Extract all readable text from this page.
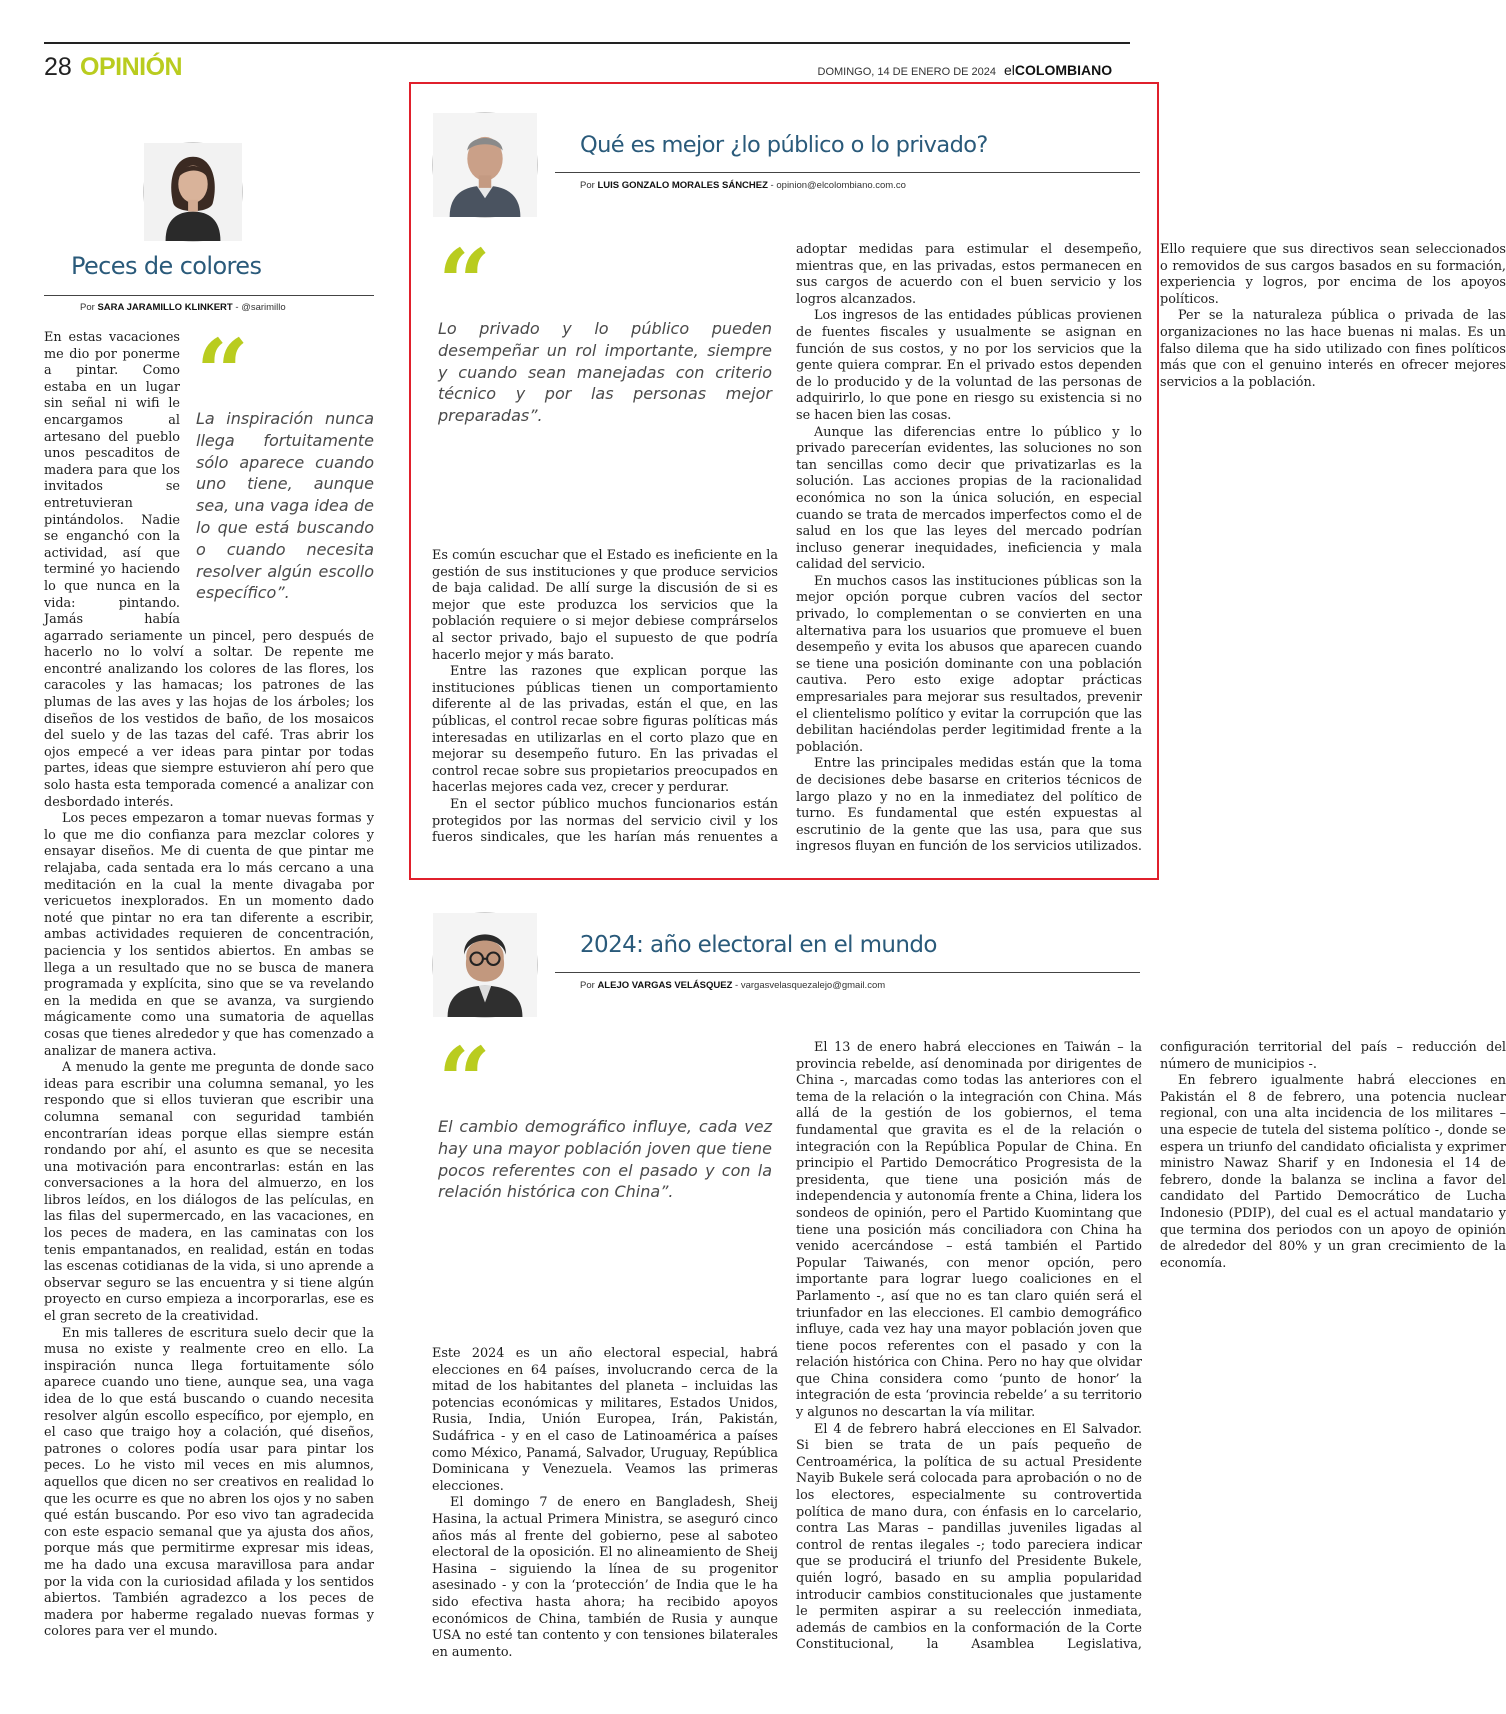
28 OPINIÓN	DOMINGO, 14 DE ENERO DE 2024 elCOLOMBIANO
Peces de colores
Por SARA JARAMILLO KLINKERT - @sarimillo
“
La inspiración nunca llega fortuitamente sólo aparece cuando uno tiene, aunque sea, una vaga idea de lo que está buscando o cuando necesita resolver algún escollo específico”.

En estas vacaciones me dio por ponerme a pintar. Como estaba en un lugar sin señal ni wifi le encargamos al artesano del pueblo unos pescaditos de madera para que los invitados se entretuvieran pintándolos. Nadie se enganchó con la actividad, así que terminé yo haciendo lo que nunca en la vida: pintando. Jamás había agarrado seriamente un pincel, pero después de hacerlo no lo volví a soltar. De repente me encontré analizando los colores de las flores, los caracoles y las hamacas; los patrones de las plumas de las aves y las hojas de los árboles; los diseños de los vestidos de baño, de los mosaicos del suelo y de las tazas del café. Tras abrir los ojos empecé a ver ideas para pintar por todas partes, ideas que siempre estuvieron ahí pero que solo hasta esta temporada comencé a analizar con desbordado interés.

Los peces empezaron a tomar nuevas formas y lo que me dio confianza para mezclar colores y ensayar diseños. Me di cuenta de que pintar me relajaba, cada sentada era lo más cercano a una meditación en la cual la mente divagaba por vericuetos inexplorados. En un momento dado noté que pintar no era tan diferente a escribir, ambas actividades requieren de concentración, paciencia y los sentidos abiertos. En ambas se llega a un resultado que no se busca de manera programada y explícita, sino que se va revelando en la medida en que se avanza, va surgiendo mágicamente como una sumatoria de aquellas cosas que tienes alrededor y que has comenzado a analizar de manera activa.

A menudo la gente me pregunta de donde saco ideas para escribir una columna semanal, yo les respondo que si ellos tuvieran que escribir una columna semanal con seguridad también encontrarían ideas porque ellas siempre están rondando por ahí, el asunto es que se necesita una motivación para encontrarlas: están en las conversaciones a la hora del almuerzo, en los libros leídos, en los diálogos de las películas, en las filas del supermercado, en las vacaciones, en los peces de madera, en las caminatas con los tenis empantanados, en realidad, están en todas las escenas cotidianas de la vida, si uno aprende a observar seguro se las encuentra y si tiene algún proyecto en curso empieza a incorporarlas, ese es el gran secreto de la creatividad.

En mis talleres de escritura suelo decir que la musa no existe y realmente creo en ello. La inspiración nunca llega fortuitamente sólo aparece cuando uno tiene, aunque sea, una vaga idea de lo que está buscando o cuando necesita resolver algún escollo específico, por ejemplo, en el caso que traigo hoy a colación, qué diseños, patrones o colores podía usar para pintar los peces. Lo he visto mil veces en mis alumnos, aquellos que dicen no ser creativos en realidad lo que les ocurre es que no abren los ojos y no saben qué están buscando. Por eso vivo tan agradecida con este espacio semanal que ya ajusta dos años, porque más que permitirme expresar mis ideas, me ha dado una excusa maravillosa para andar por la vida con la curiosidad afilada y los sentidos abiertos. También agradezco a los peces de madera por haberme regalado nuevas formas y colores para ver el mundo.

Qué es mejor ¿lo público o lo privado?
Por LUIS GONZALO MORALES SÁNCHEZ - opinion@elcolombiano.com.co
“
Lo privado y lo público pueden desempeñar un rol importante, siempre y cuando sean manejadas con criterio técnico y por las personas mejor preparadas”.

Es común escuchar que el Estado es ineficiente en la gestión de sus instituciones y que produce servicios de baja calidad. De allí surge la discusión de si es mejor que este produzca los servicios que la población requiere o si mejor debiese comprárselos al sector privado, bajo el supuesto de que podría hacerlo mejor y más barato.

Entre las razones que explican porque las instituciones públicas tienen un comportamiento diferente al de las privadas, están el que, en las públicas, el control recae sobre figuras políticas más interesadas en utilizarlas en el corto plazo que en mejorar su desempeño futuro. En las privadas el control recae sobre sus propietarios preocupados en hacerlas mejores cada vez, crecer y perdurar.

En el sector público muchos funcionarios están protegidos por las normas del servicio civil y los fueros sindicales, que les harían más renuentes a adoptar medidas para estimular el desempeño, mientras que, en las privadas, estos permanecen en sus cargos de acuerdo con el buen servicio y los logros alcanzados.

Los ingresos de las entidades públicas provienen de fuentes fiscales y usualmente se asignan en función de sus costos, y no por los servicios que la gente quiera comprar. En el privado estos dependen de lo producido y de la voluntad de las personas de adquirirlo, lo que pone en riesgo su existencia si no se hacen bien las cosas.

Aunque las diferencias entre lo público y lo privado parecerían evidentes, las soluciones no son tan sencillas como decir que privatizarlas es la solución. Las acciones propias de la racionalidad económica no son la única solución, en especial cuando se trata de mercados imperfectos como el de salud en los que las leyes del mercado podrían incluso generar inequidades, ineficiencia y mala calidad del servicio.

En muchos casos las instituciones públicas son la mejor opción porque cubren vacíos del sector privado, lo complementan o se convierten en una alternativa para los usuarios que promueve el buen desempeño y evita los abusos que aparecen cuando se tiene una posición dominante con una población cautiva. Pero esto exige adoptar prácticas empresariales para mejorar sus resultados, prevenir el clientelismo político y evitar la corrupción que las debilitan haciéndolas perder legitimidad frente a la población.

Entre las principales medidas están que la toma de decisiones debe basarse en criterios técnicos de largo plazo y no en la inmediatez del político de turno. Es fundamental que estén expuestas al escrutinio de la gente que las usa, para que sus ingresos fluyan en función de los servicios utilizados. Ello requiere que sus directivos sean seleccionados o removidos de sus cargos basados en su formación, experiencia y logros, por encima de los apoyos políticos.

Per se la naturaleza pública o privada de las organizaciones no las hace buenas ni malas. Es un falso dilema que ha sido utilizado con fines políticos más que con el genuino interés en ofrecer mejores servicios a la población.

2024: año electoral en el mundo
Por ALEJO VARGAS VELÁSQUEZ - vargasvelasquezalejo@gmail.com
“
El cambio demográfico influye, cada vez hay una mayor población joven que tiene pocos referentes con el pasado y con la relación histórica con China”.

Este 2024 es un año electoral especial, habrá elecciones en 64 países, involucrando cerca de la mitad de los habitantes del planeta – incluidas las potencias económicas y militares, Estados Unidos, Rusia, India, Unión Europea, Irán, Pakistán, Sudáfrica - y en el caso de Latinoamérica a países como México, Panamá, Salvador, Uruguay, República Dominicana y Venezuela. Veamos las primeras elecciones.

El domingo 7 de enero en Bangladesh, Sheij Hasina, la actual Primera Ministra, se aseguró cinco años más al frente del gobierno, pese al saboteo electoral de la oposición. El no alineamiento de Sheij Hasina – siguiendo la línea de su progenitor asesinado - y con la ‘protección’ de India que le ha sido efectiva hasta ahora; ha recibido apoyos económicos de China, también de Rusia y aunque USA no esté tan contento y con tensiones bilaterales en aumento.

El 13 de enero habrá elecciones en Taiwán – la provincia rebelde, así denominada por dirigentes de China -, marcadas como todas las anteriores con el tema de la relación o la integración con China. Más allá de la gestión de los gobiernos, el tema fundamental que gravita es el de la relación o integración con la República Popular de China. En principio el Partido Democrático Progresista de la presidenta, que tiene una posición más de independencia y autonomía frente a China, lidera los sondeos de opinión, pero el Partido Kuomintang que tiene una posición más conciliadora con China ha venido acercándose – está también el Partido Popular Taiwanés, con menor opción, pero importante para lograr luego coaliciones en el Parlamento -, así que no es tan claro quién será el triunfador en las elecciones. El cambio demográfico influye, cada vez hay una mayor población joven que tiene pocos referentes con el pasado y con la relación histórica con China. Pero no hay que olvidar que China considera como ‘punto de honor’ la integración de esta ‘provincia rebelde’ a su territorio y algunos no descartan la vía militar.

El 4 de febrero habrá elecciones en El Salvador. Si bien se trata de un país pequeño de Centroamérica, la política de su actual Presidente Nayib Bukele será colocada para aprobación o no de los electores, especialmente su controvertida política de mano dura, con énfasis en lo carcelario, contra Las Maras – pandillas juveniles ligadas al control de rentas ilegales -; todo pareciera indicar que se producirá el triunfo del Presidente Bukele, quién logró, basado en su amplia popularidad introducir cambios constitucionales que justamente le permiten aspirar a su reelección inmediata, además de cambios en la conformación de la Corte Constitucional, la Asamblea Legislativa, configuración territorial del país – reducción del número de municipios -.

En febrero igualmente habrá elecciones en Pakistán el 8 de febrero, una potencia nuclear regional, con una alta incidencia de los militares – una especie de tutela del sistema político -, donde se espera un triunfo del candidato oficialista y exprimer ministro Nawaz Sharif y en Indonesia el 14 de febrero, donde la balanza se inclina a favor del candidato del Partido Democrático de Lucha Indonesio (PDIP), del cual es el actual mandatario y que termina dos periodos con un apoyo de opinión de alrededor del 80% y un gran crecimiento de la economía.
